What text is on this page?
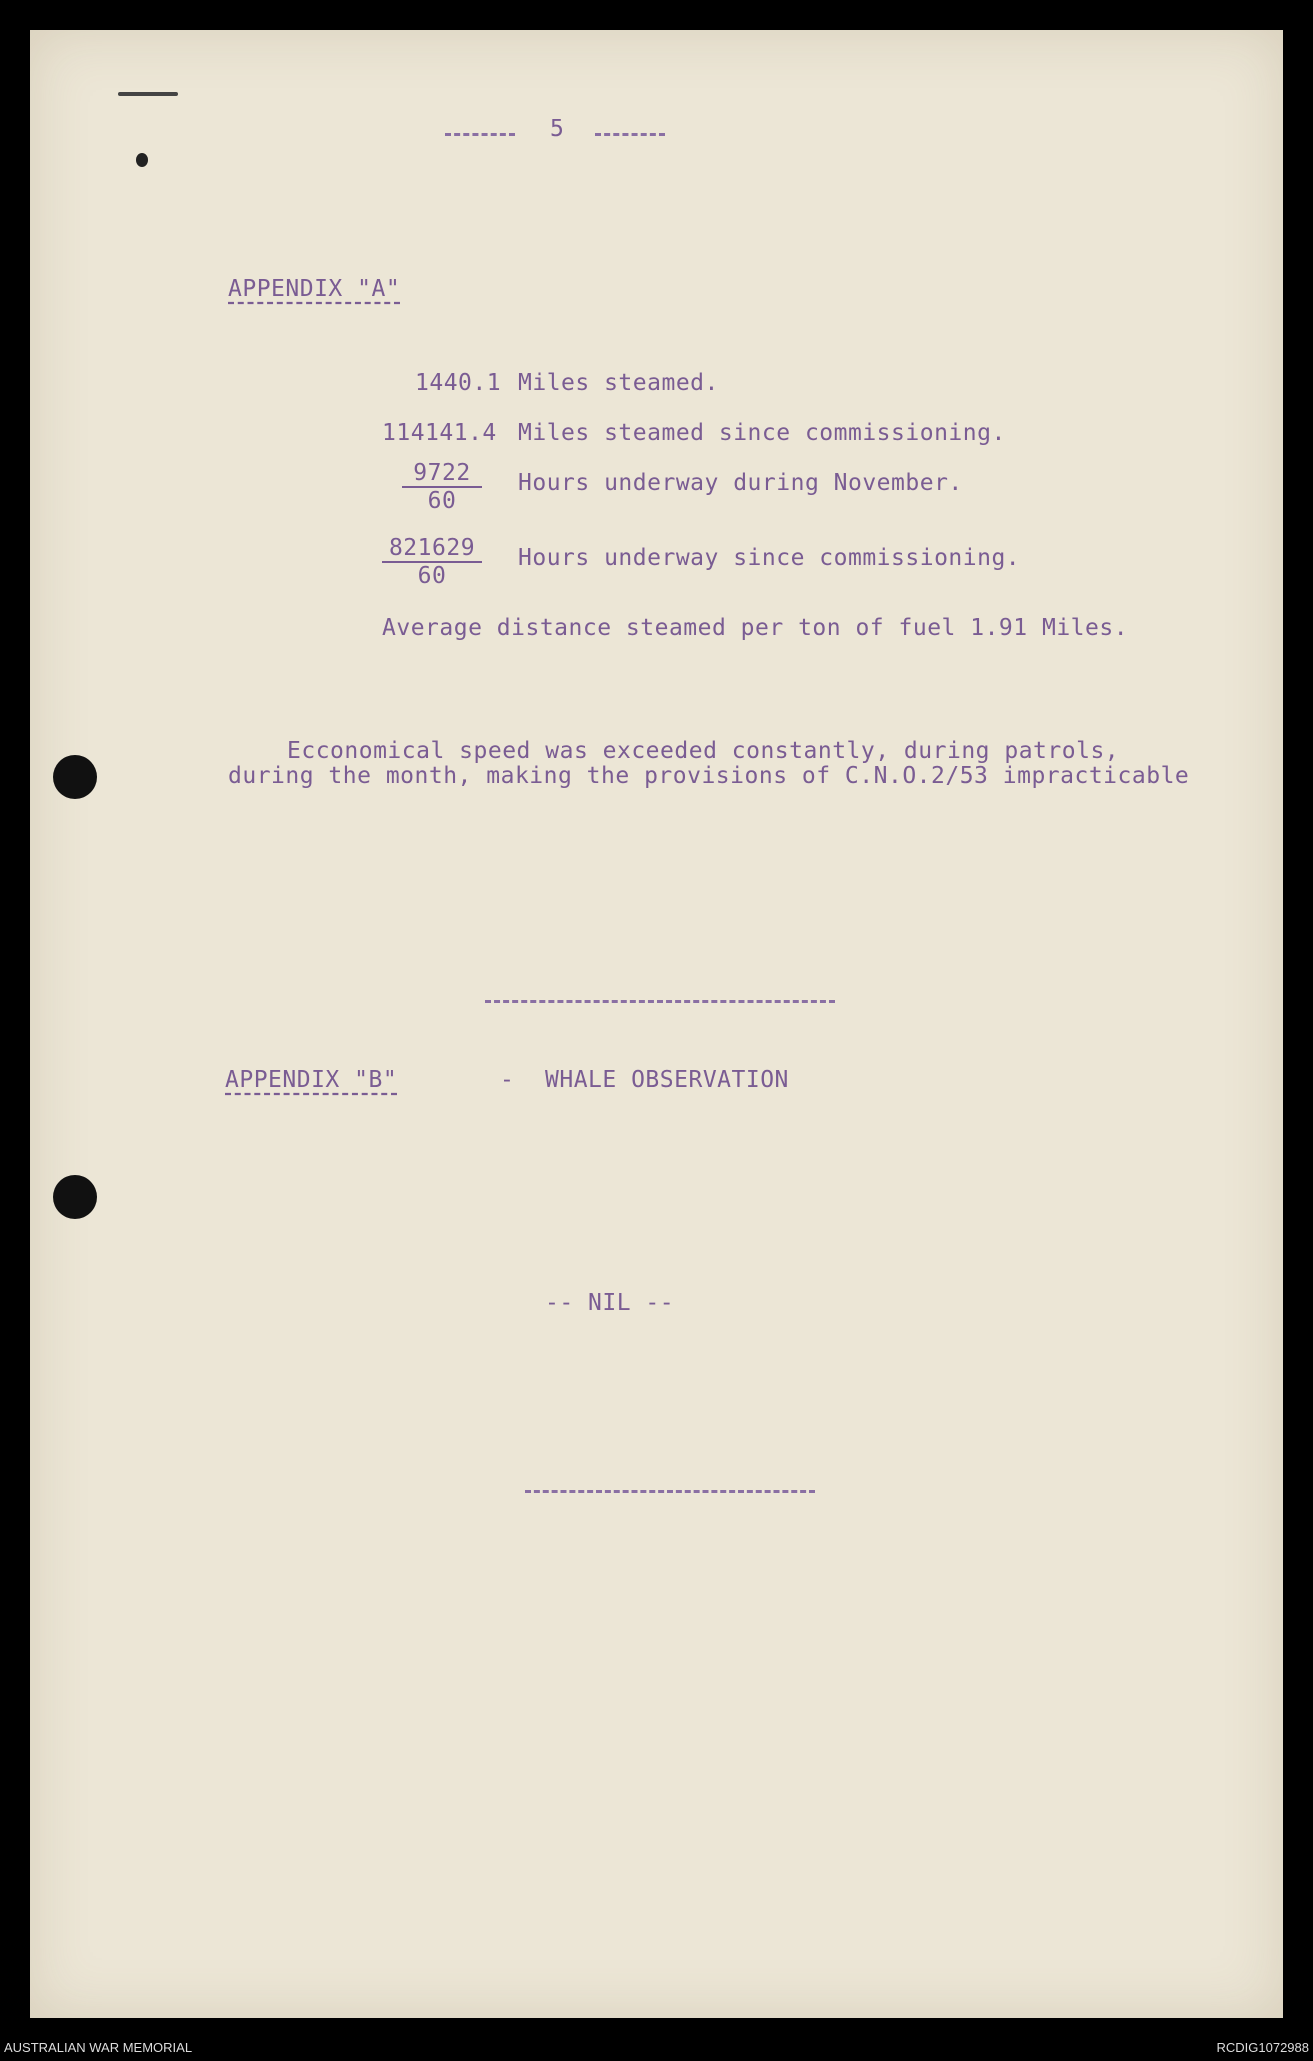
5
APPENDIX "A"
1440.1 Miles steamed.
114141.4 Miles steamed since commissioning.
$\frac{9722}{60}$ Hours underway during November.
$\frac{821629}{60}$ Hours underway since commissioning.
Average distance steamed per ton of fuel 1.91 Miles.
Ecconomical speed was exceeded constantly, during patrols,
during the month, making the provisions of C.N.O.2/53 impracticable
APPENDIX "B"	- WHALE OBSERVATION
-- NIL --
AUSTRALIAN WAR MEMORIAL	RCDIG1072988
